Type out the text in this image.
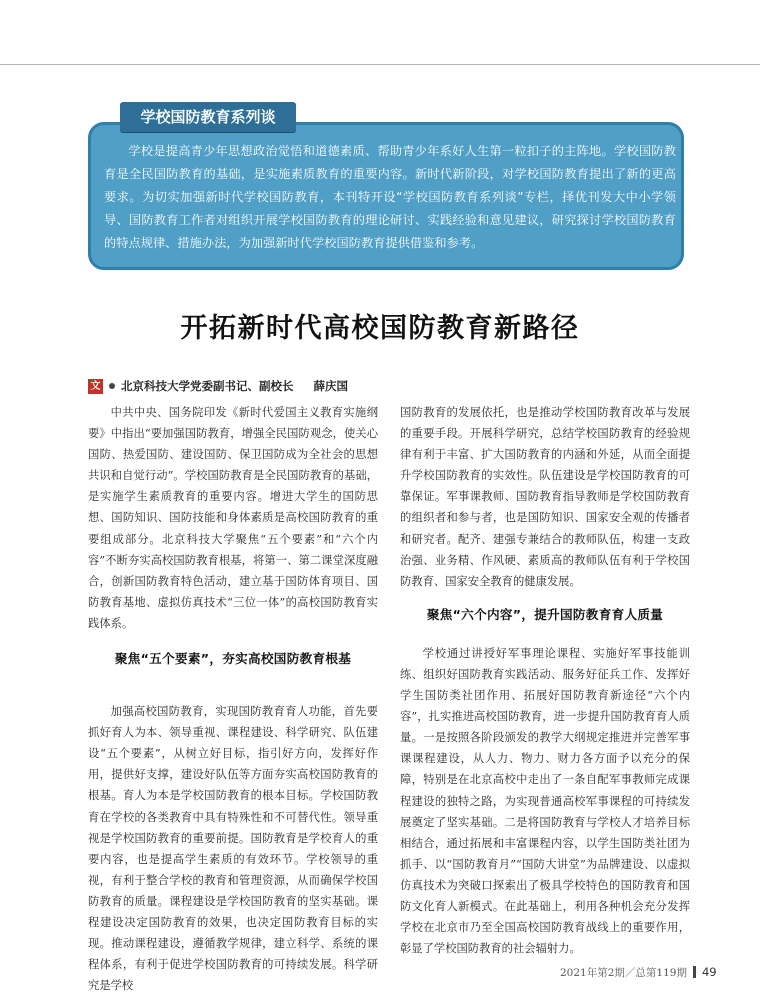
学校国防教育系列谈

学校是提高青少年思想政治觉悟和道德素质、帮助青少年系好人生第一粒扣子的主阵地。学校国防教育是全民国防教育的基础，是实施素质教育的重要内容。新时代新阶段，对学校国防教育提出了新的更高要求。为切实加强新时代学校国防教育，本刊特开设“学校国防教育系列谈”专栏，择优刊发大中小学领导、国防教育工作者对组织开展学校国防教育的理论研讨、实践经验和意见建议，研究探讨学校国防教育的特点规律、措施办法，为加强新时代学校国防教育提供借鉴和参考。

开拓新时代高校国防教育新路径
文 北京科技大学党委副书记、副校长 薛庆国

中共中央、国务院印发《新时代爱国主义教育实施纲要》中指出“要加强国防教育，增强全民国防观念，使关心国防、热爱国防、建设国防、保卫国防成为全社会的思想共识和自觉行动”。学校国防教育是全民国防教育的基础，是实施学生素质教育的重要内容。增进大学生的国防思想、国防知识、国防技能和身体素质是高校国防教育的重要组成部分。北京科技大学聚焦“五个要素”和“六个内容”不断夯实高校国防教育根基，将第一、第二课堂深度融合，创新国防教育特色活动，建立基于国防体育项目、国防教育基地、虚拟仿真技术“三位一体”的高校国防教育实践体系。

聚焦“五个要素”，夯实高校国防教育根基

加强高校国防教育，实现国防教育育人功能，首先要抓好育人为本、领导重视、课程建设、科学研究、队伍建设“五个要素”，从树立好目标，指引好方向，发挥好作用，提供好支撑，建设好队伍等方面夯实高校国防教育的根基。育人为本是学校国防教育的根本目标。学校国防教育在学校的各类教育中具有特殊性和不可替代性。领导重视是学校国防教育的重要前提。国防教育是学校育人的重要内容，也是提高学生素质的有效环节。学校领导的重视，有利于整合学校的教育和管理资源，从而确保学校国防教育的质量。课程建设是学校国防教育的坚实基础。课程建设决定国防教育的效果，也决定国防教育目标的实现。推动课程建设，遵循教学规律，建立科学、系统的课程体系，有利于促进学校国防教育的可持续发展。科学研究是学校

国防教育的发展依托，也是推动学校国防教育改革与发展的重要手段。开展科学研究，总结学校国防教育的经验规律有利于丰富、扩大国防教育的内涵和外延，从而全面提升学校国防教育的实效性。队伍建设是学校国防教育的可靠保证。军事课教师、国防教育指导教师是学校国防教育的组织者和参与者，也是国防知识、国家安全观的传播者和研究者。配齐、建强专兼结合的教师队伍，构建一支政治强、业务精、作风硬、素质高的教师队伍有利于学校国防教育、国家安全教育的健康发展。

聚焦“六个内容”，提升国防教育育人质量

学校通过讲授好军事理论课程、实施好军事技能训练、组织好国防教育实践活动、服务好征兵工作、发挥好学生国防类社团作用、拓展好国防教育新途径“六个内容”，扎实推进高校国防教育，进一步提升国防教育育人质量。一是按照各阶段颁发的教学大纲规定推进并完善军事课课程建设，从人力、物力、财力各方面予以充分的保障，特别是在北京高校中走出了一条自配军事教师完成课程建设的独特之路，为实现普通高校军事课程的可持续发展奠定了坚实基础。二是将国防教育与学校人才培养目标相结合，通过拓展和丰富课程内容，以学生国防类社团为抓手、以“国防教育月”“国防大讲堂”为品牌建设、以虚拟仿真技术为突破口探索出了极具学校特色的国防教育和国防文化育人新模式。在此基础上，利用各种机会充分发挥学校在北京市乃至全国高校国防教育战线上的重要作用，彰显了学校国防教育的社会辐射力。

2021年第2期／总第119期 49
